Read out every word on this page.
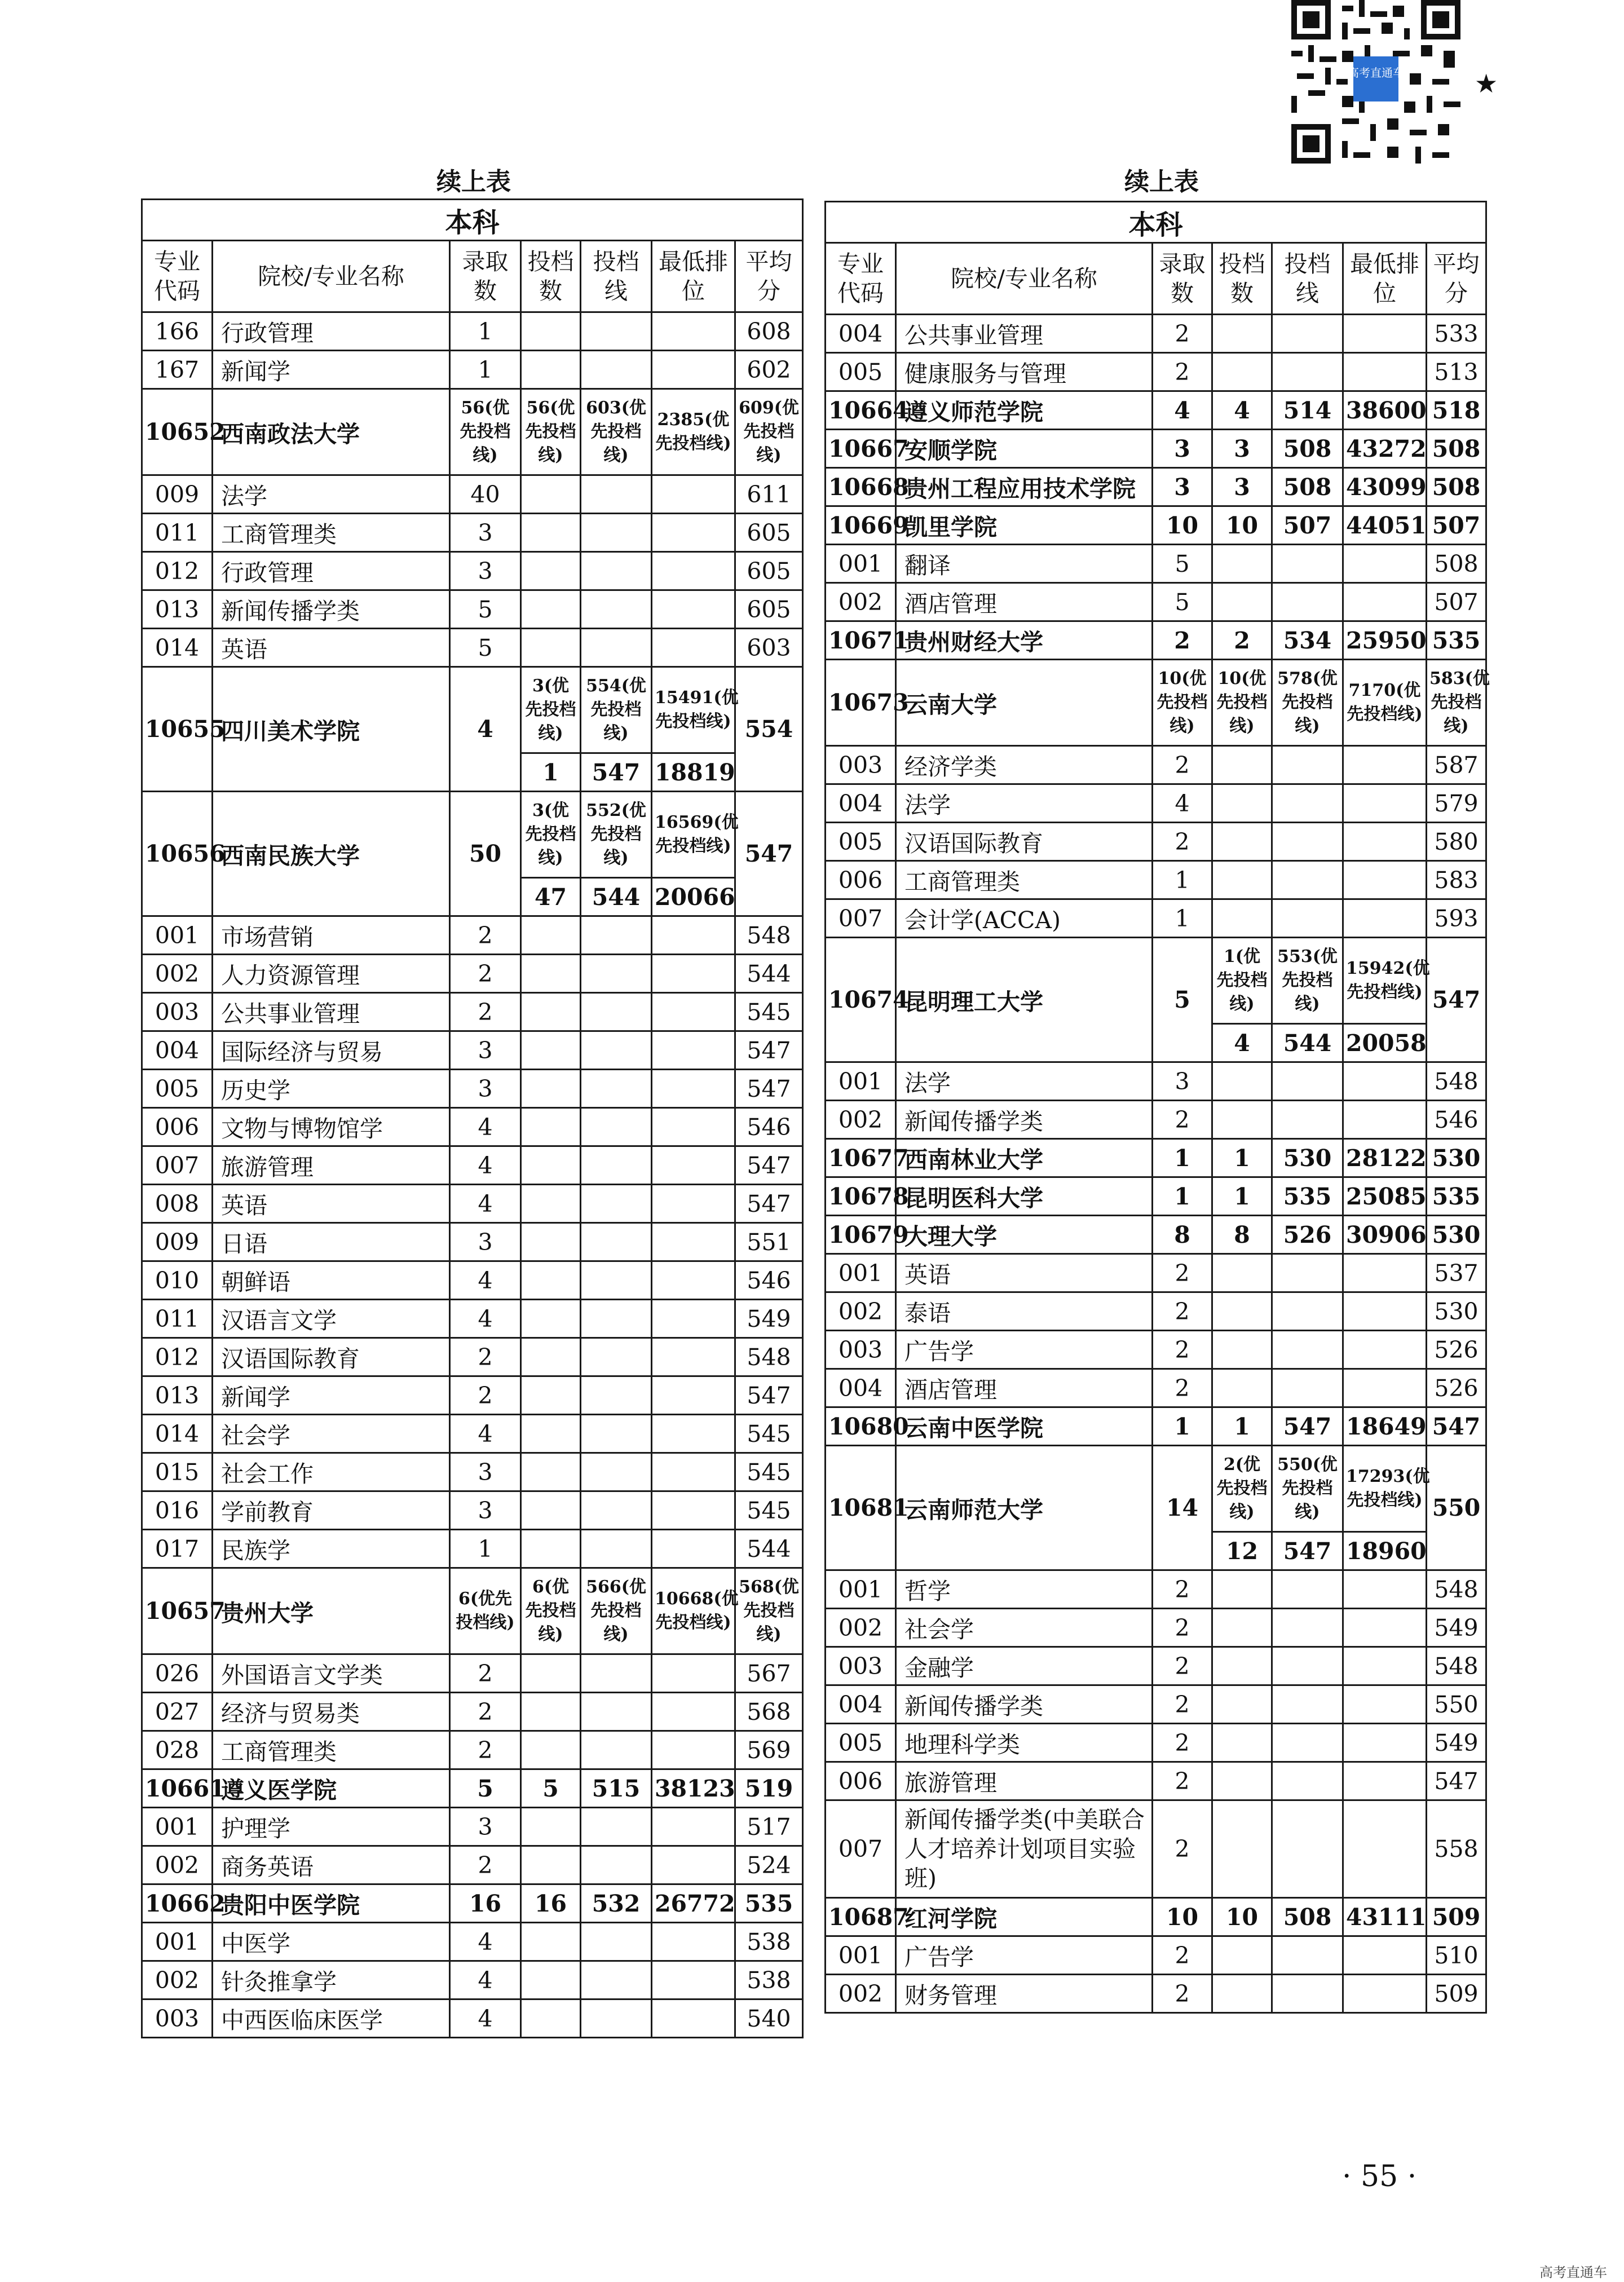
高考直通车	★
续上表	续上表
本科						
专业代码	院校/专业名称	录取数	投档数	投档线	最低排位	平均分
166	行政管理	1				608
167	新闻学	1				602
10652	西南政法大学	56(优先投档线)	56(优先投档线)	603(优先投档线)	2385(优先投档线)	609(优先投档线)
009	法学	40				611
011	工商管理类	3				605
012	行政管理	3				605
013	新闻传播学类	5				605
014	英语	5				603
10655	四川美术学院	4	3(优先投档线)	554(优先投档线)	15491(优先投档线)	554
			1	547	18819	
10656	西南民族大学	50	3(优先投档线)	552(优先投档线)	16569(优先投档线)	547
			47	544	20066	
001	市场营销	2				548
002	人力资源管理	2				544
003	公共事业管理	2				545
004	国际经济与贸易	3				547
005	历史学	3				547
006	文物与博物馆学	4				546
007	旅游管理	4				547
008	英语	4				547
009	日语	3				551
010	朝鲜语	4				546
011	汉语言文学	4				549
012	汉语国际教育	2				548
013	新闻学	2				547
014	社会学	4				545
015	社会工作	3				545
016	学前教育	3				545
017	民族学	1				544
10657	贵州大学	6(优先投档线)	6(优先投档线)	566(优先投档线)	10668(优先投档线)	568(优先投档线)
026	外国语言文学类	2				567
027	经济与贸易类	2				568
028	工商管理类	2				569
10661	遵义医学院	5	5	515	38123	519
001	护理学	3				517
002	商务英语	2				524
10662	贵阳中医学院	16	16	532	26772	535
001	中医学	4				538
002	针灸推拿学	4				538
003	中西医临床医学	4				540
本科						
专业代码	院校/专业名称	录取数	投档数	投档线	最低排位	平均分
004	公共事业管理	2				533
005	健康服务与管理	2				513
10664	遵义师范学院	4	4	514	38600	518
10667	安顺学院	3	3	508	43272	508
10668	贵州工程应用技术学院	3	3	508	43099	508
10669	凯里学院	10	10	507	44051	507
001	翻译	5				508
002	酒店管理	5				507
10671	贵州财经大学	2	2	534	25950	535
10673	云南大学	10(优先投档线)	10(优先投档线)	578(优先投档线)	7170(优先投档线)	583(优先投档线)
003	经济学类	2				587
004	法学	4				579
005	汉语国际教育	2				580
006	工商管理类	1				583
007	会计学(ACCA)	1				593
10674	昆明理工大学	5	1(优先投档线)	553(优先投档线)	15942(优先投档线)	547
			4	544	20058	
001	法学	3				548
002	新闻传播学类	2				546
10677	西南林业大学	1	1	530	28122	530
10678	昆明医科大学	1	1	535	25085	535
10679	大理大学	8	8	526	30906	530
001	英语	2				537
002	泰语	2				530
003	广告学	2				526
004	酒店管理	2				526
10680	云南中医学院	1	1	547	18649	547
10681	云南师范大学	14	2(优先投档线)	550(优先投档线)	17293(优先投档线)	550
			12	547	18960	
001	哲学	2				548
002	社会学	2				549
003	金融学	2				548
004	新闻传播学类	2				550
005	地理科学类	2				549
006	旅游管理	2				547
007	新闻传播学类(中美联合人才培养计划项目实验班)	2				558
10687	红河学院	10	10	508	43111	509
001	广告学	2				510
002	财务管理	2				509
· 55 ·
高考直通车
